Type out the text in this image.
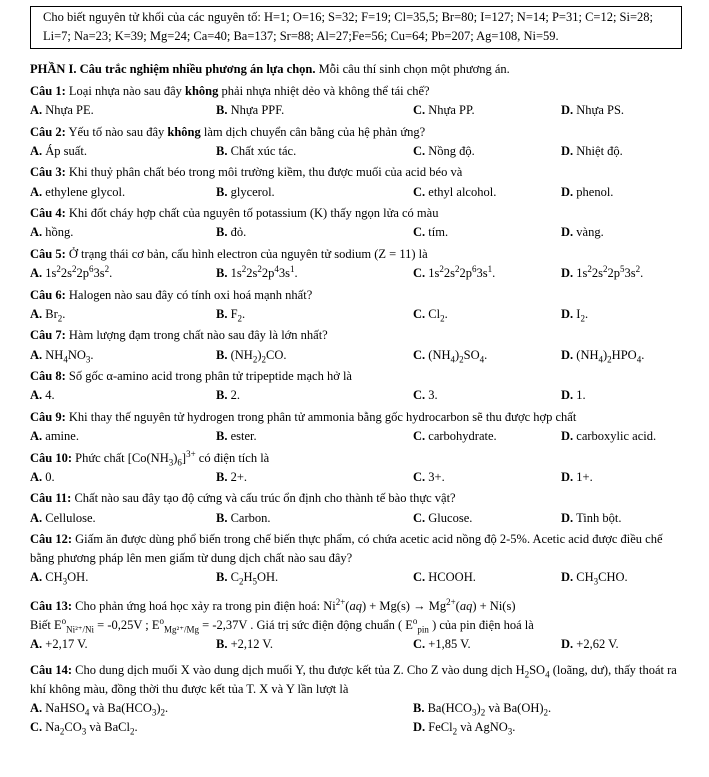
Cho biết nguyên tử khối của các nguyên tố: H=1; O=16; S=32; F=19; Cl=35,5; Br=80; I=127; N=14; P=31; C=12; Si=28; Li=7; Na=23; K=39; Mg=24; Ca=40; Ba=137; Sr=88; Al=27;Fe=56; Cu=64; Pb=207; Ag=108, Ni=59.

PHẦN I. Câu trắc nghiệm nhiều phương án lựa chọn. Mỗi câu thí sinh chọn một phương án.

Câu 1: Loại nhựa nào sau đây không phải nhựa nhiệt dẻo và không thể tái chế?

A. Nhựa PE.	B. Nhựa PPF.	C. Nhựa PP.	D. Nhựa PS.

Câu 2: Yếu tố nào sau đây không làm dịch chuyển cân bằng của hệ phản ứng?

A. Áp suất.	B. Chất xúc tác.	C. Nồng độ.	D. Nhiệt độ.

Câu 3: Khi thuỷ phân chất béo trong môi trường kiềm, thu được muối của acid béo và

A. ethylene glycol.	B. glycerol.	C. ethyl alcohol.	D. phenol.

Câu 4: Khi đốt cháy hợp chất của nguyên tố potassium (K) thấy ngọn lửa có màu

A. hồng.	B. đỏ.	C. tím.	D. vàng.

Câu 5: Ở trạng thái cơ bản, cấu hình electron của nguyên tử sodium (Z = 11) là

A. $1s^22s^22p^63s^2$.	B. $1s^22s^22p^43s^1$.	C. $1s^22s^22p^63s^1$.	D. $1s^22s^22p^53s^2$.

Câu 6: Halogen nào sau đây có tính oxi hoá mạnh nhất?

A. $Br_2$.	B. $F_2$.	C. $Cl_2$.	D. $I_2$.

Câu 7: Hàm lượng đạm trong chất nào sau đây là lớn nhất?

A. $NH_4NO_3$.	B. $(NH_2)_2CO$.	C. $(NH_4)_2SO_4$.	D. $(NH_4)_2HPO_4$.

Câu 8: Số gốc α-amino acid trong phân tử tripeptide mạch hở là

A. 4.	B. 2.	C. 3.	D. 1.

Câu 9: Khi thay thế nguyên tử hydrogen trong phân tử ammonia bằng gốc hydrocarbon sẽ thu được hợp chất

A. amine.	B. ester.	C. carbohydrate.	D. carboxylic acid.

Câu 10: Phức chất $[Co(NH_3)_6]^{3+}$ có điện tích là

A. 0.	B. 2+.	C. 3+.	D. 1+.

Câu 11: Chất nào sau đây tạo độ cứng và cấu trúc ổn định cho thành tế bào thực vật?

A. Cellulose.	B. Carbon.	C. Glucose.	D. Tinh bột.

Câu 12: Giấm ăn được dùng phổ biến trong chế biến thực phẩm, có chứa acetic acid nồng độ 2-5%. Acetic acid được điều chế bằng phương pháp lên men giấm từ dung dịch chất nào sau đây?

A. $CH_3OH$.	B. $C_2H_5OH$.	C. HCOOH.	D. $CH_3CHO$.

Câu 13: Cho phản ứng hoá học xảy ra trong pin điện hoá: $Ni^{2+}(aq) + Mg(s) \to Mg^{2+}(aq) + Ni(s)$
Biết $E^o_{Ni^{2+}/Ni} = -0,25V$ ; $E^o_{Mg^{2+}/Mg} = -2,37V$ . Giá trị sức điện động chuẩn ( $E^o_{pin}$ ) của pin điện hoá là

A. +2,17 V.	B. +2,12 V.	C. +1,85 V.	D. +2,62 V.

Câu 14: Cho dung dịch muối X vào dung dịch muối Y, thu được kết tủa Z. Cho Z vào dung dịch $H_2SO_4$ (loãng, dư), thấy thoát ra khí không màu, đồng thời thu được kết tủa T. X và Y lần lượt là

A. NaHSO$_4$ và $Ba(HCO_3)_2$.	B. $Ba(HCO_3)_2$ và $Ba(OH)_2$.
C. $Na_2CO_3$ và BaCl$_2$.	D. FeCl$_2$ và AgNO$_3$.
